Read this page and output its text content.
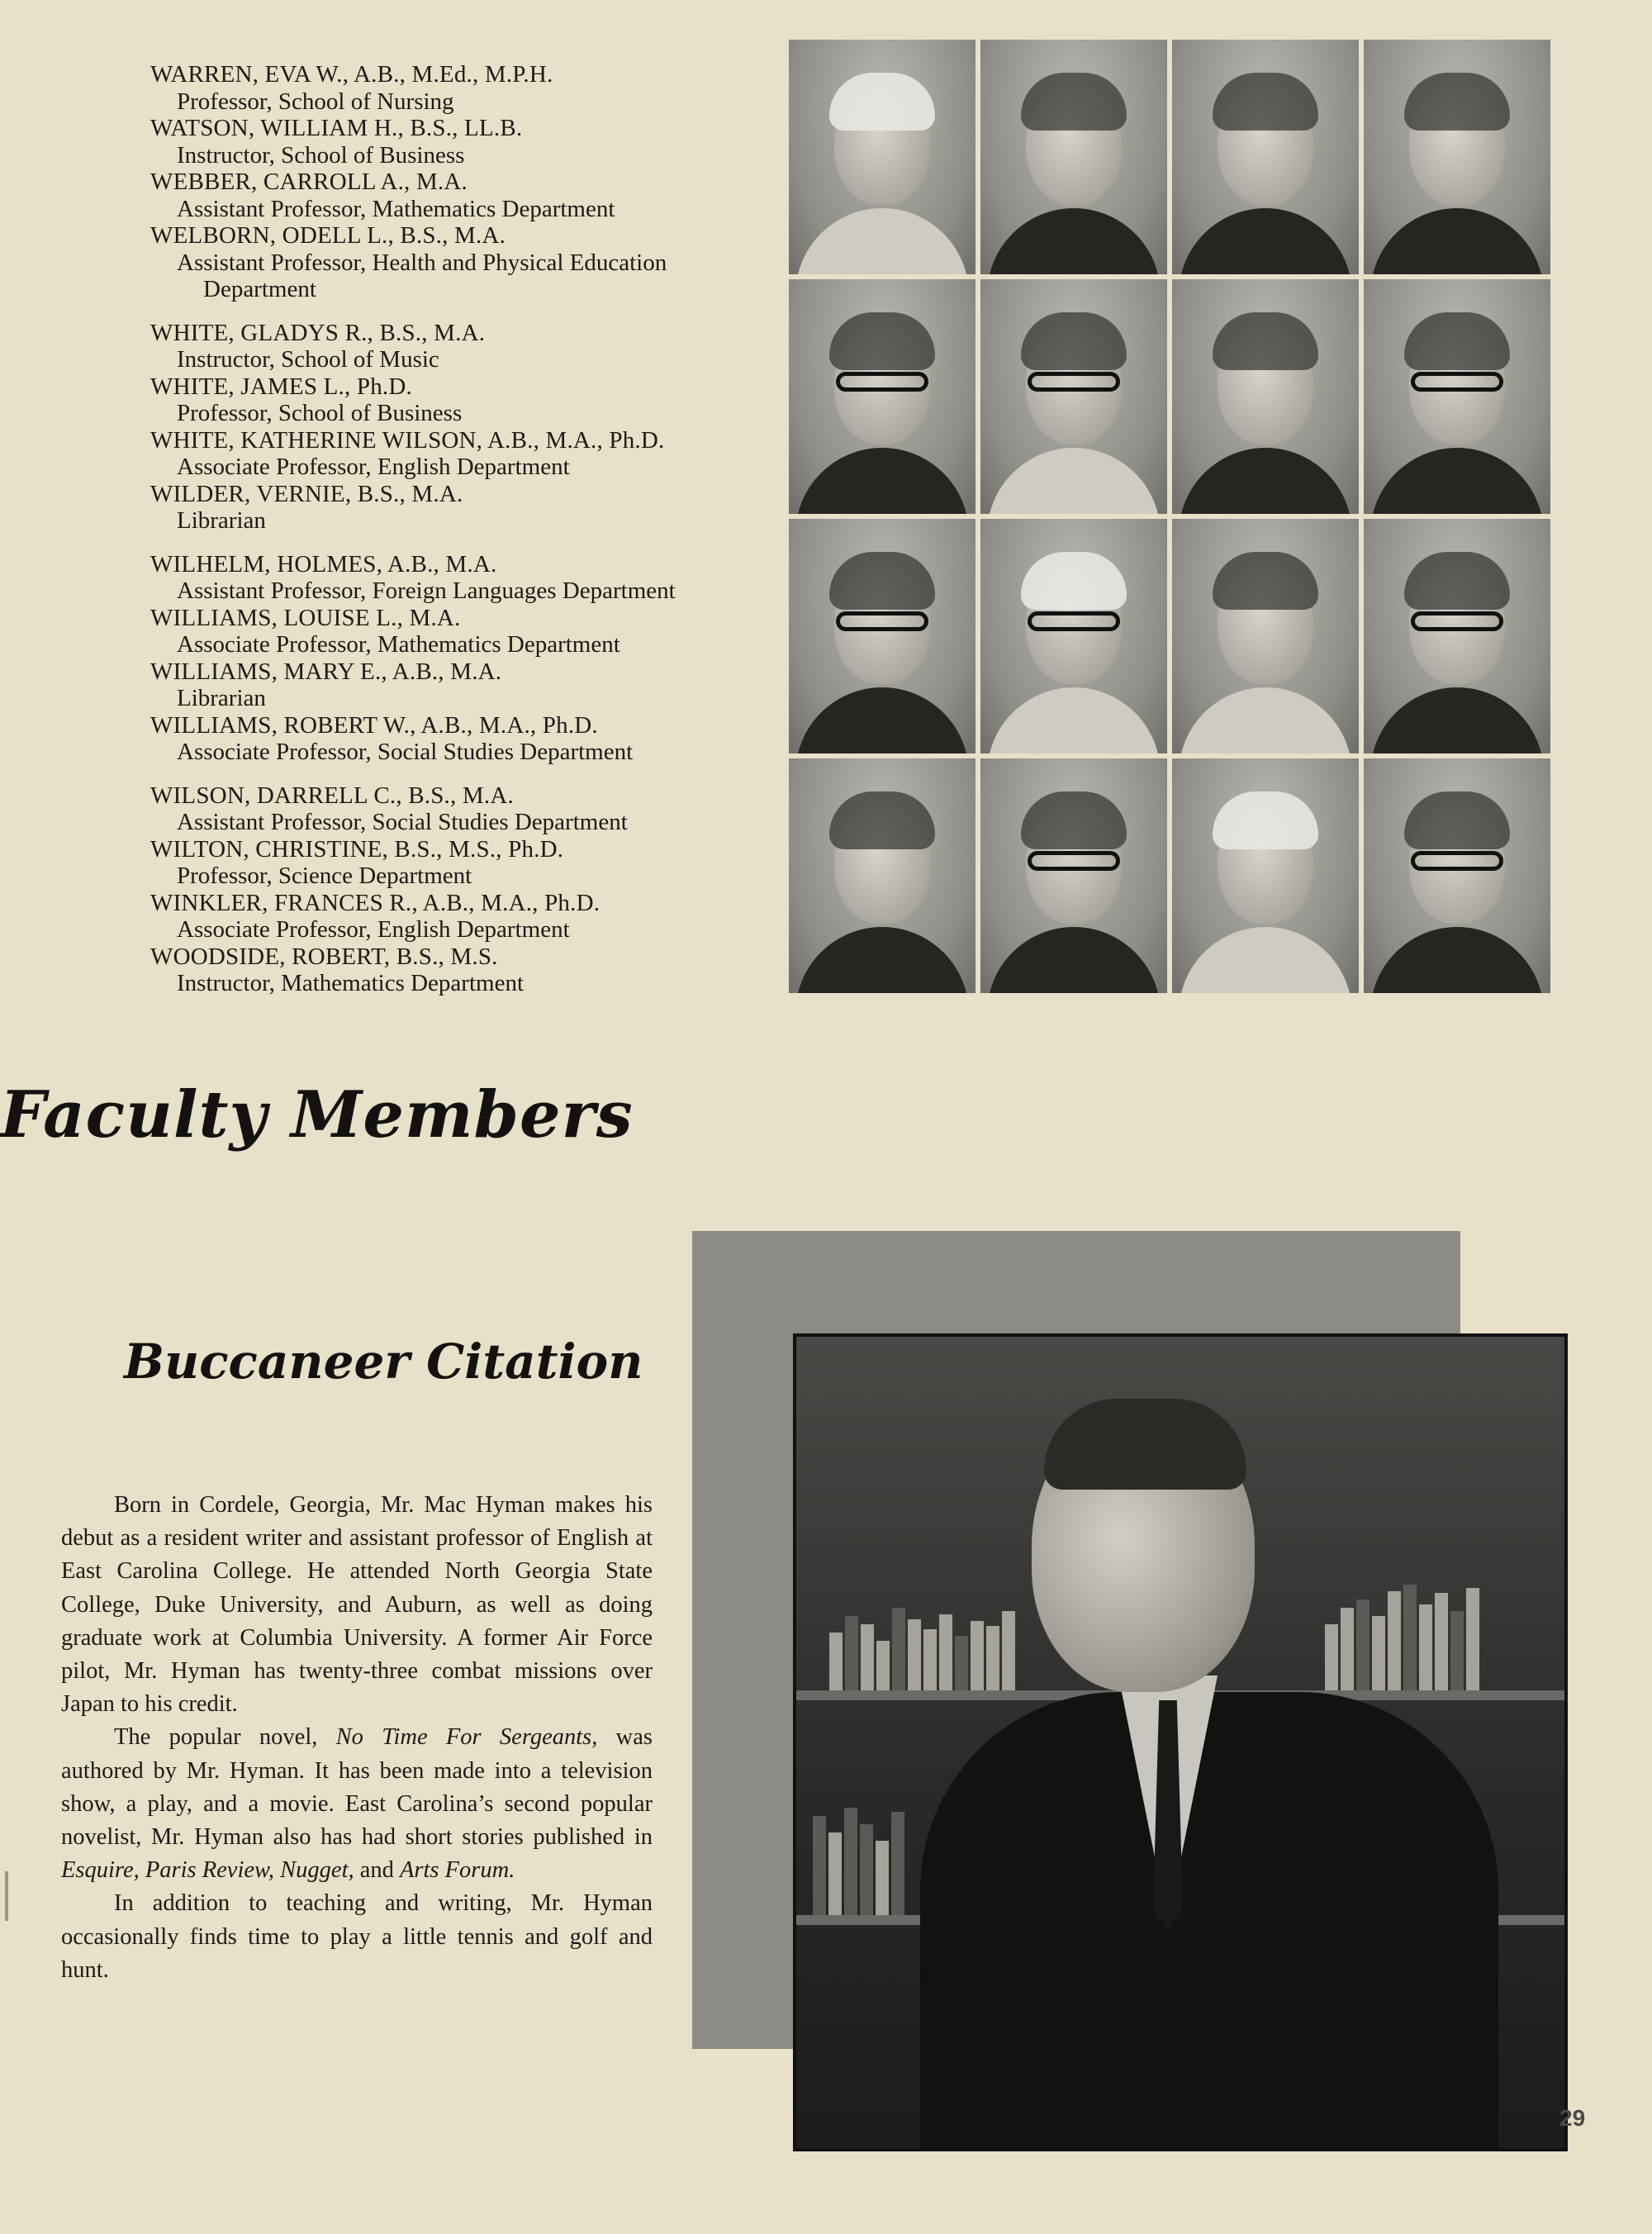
WARREN, EVA W., A.B., M.Ed., M.P.H.
Professor, School of Nursing
WATSON, WILLIAM H., B.S., LL.B.
Instructor, School of Business
WEBBER, CARROLL A., M.A.
Assistant Professor, Mathematics Department
WELBORN, ODELL L., B.S., M.A.
Assistant Professor, Health and Physical Education
Department
WHITE, GLADYS R., B.S., M.A.
Instructor, School of Music
WHITE, JAMES L., Ph.D.
Professor, School of Business
WHITE, KATHERINE WILSON, A.B., M.A., Ph.D.
Associate Professor, English Department
WILDER, VERNIE, B.S., M.A.
Librarian
WILHELM, HOLMES, A.B., M.A.
Assistant Professor, Foreign Languages Department
WILLIAMS, LOUISE L., M.A.
Associate Professor, Mathematics Department
WILLIAMS, MARY E., A.B., M.A.
Librarian
WILLIAMS, ROBERT W., A.B., M.A., Ph.D.
Associate Professor, Social Studies Department
WILSON, DARRELL C., B.S., M.A.
Assistant Professor, Social Studies Department
WILTON, CHRISTINE, B.S., M.S., Ph.D.
Professor, Science Department
WINKLER, FRANCES R., A.B., M.A., Ph.D.
Associate Professor, English Department
WOODSIDE, ROBERT, B.S., M.S.
Instructor, Mathematics Department
Faculty Members
Buccaneer Citation

Born in Cordele, Georgia, Mr. Mac Hyman makes his debut as a resident writer and assistant professor of English at East Carolina College. He attended North Georgia State College, Duke University, and Auburn, as well as doing graduate work at Columbia University. A former Air Force pilot, Mr. Hyman has twenty-three combat missions over Japan to his credit.

The popular novel, No Time For Sergeants, was authored by Mr. Hyman. It has been made into a television show, a play, and a movie. East Carolina’s second popular novelist, Mr. Hyman also has had short stories published in Esquire, Paris Review, Nugget, and Arts Forum.

In addition to teaching and writing, Mr. Hyman occasionally finds time to play a little tennis and golf and hunt.

29
